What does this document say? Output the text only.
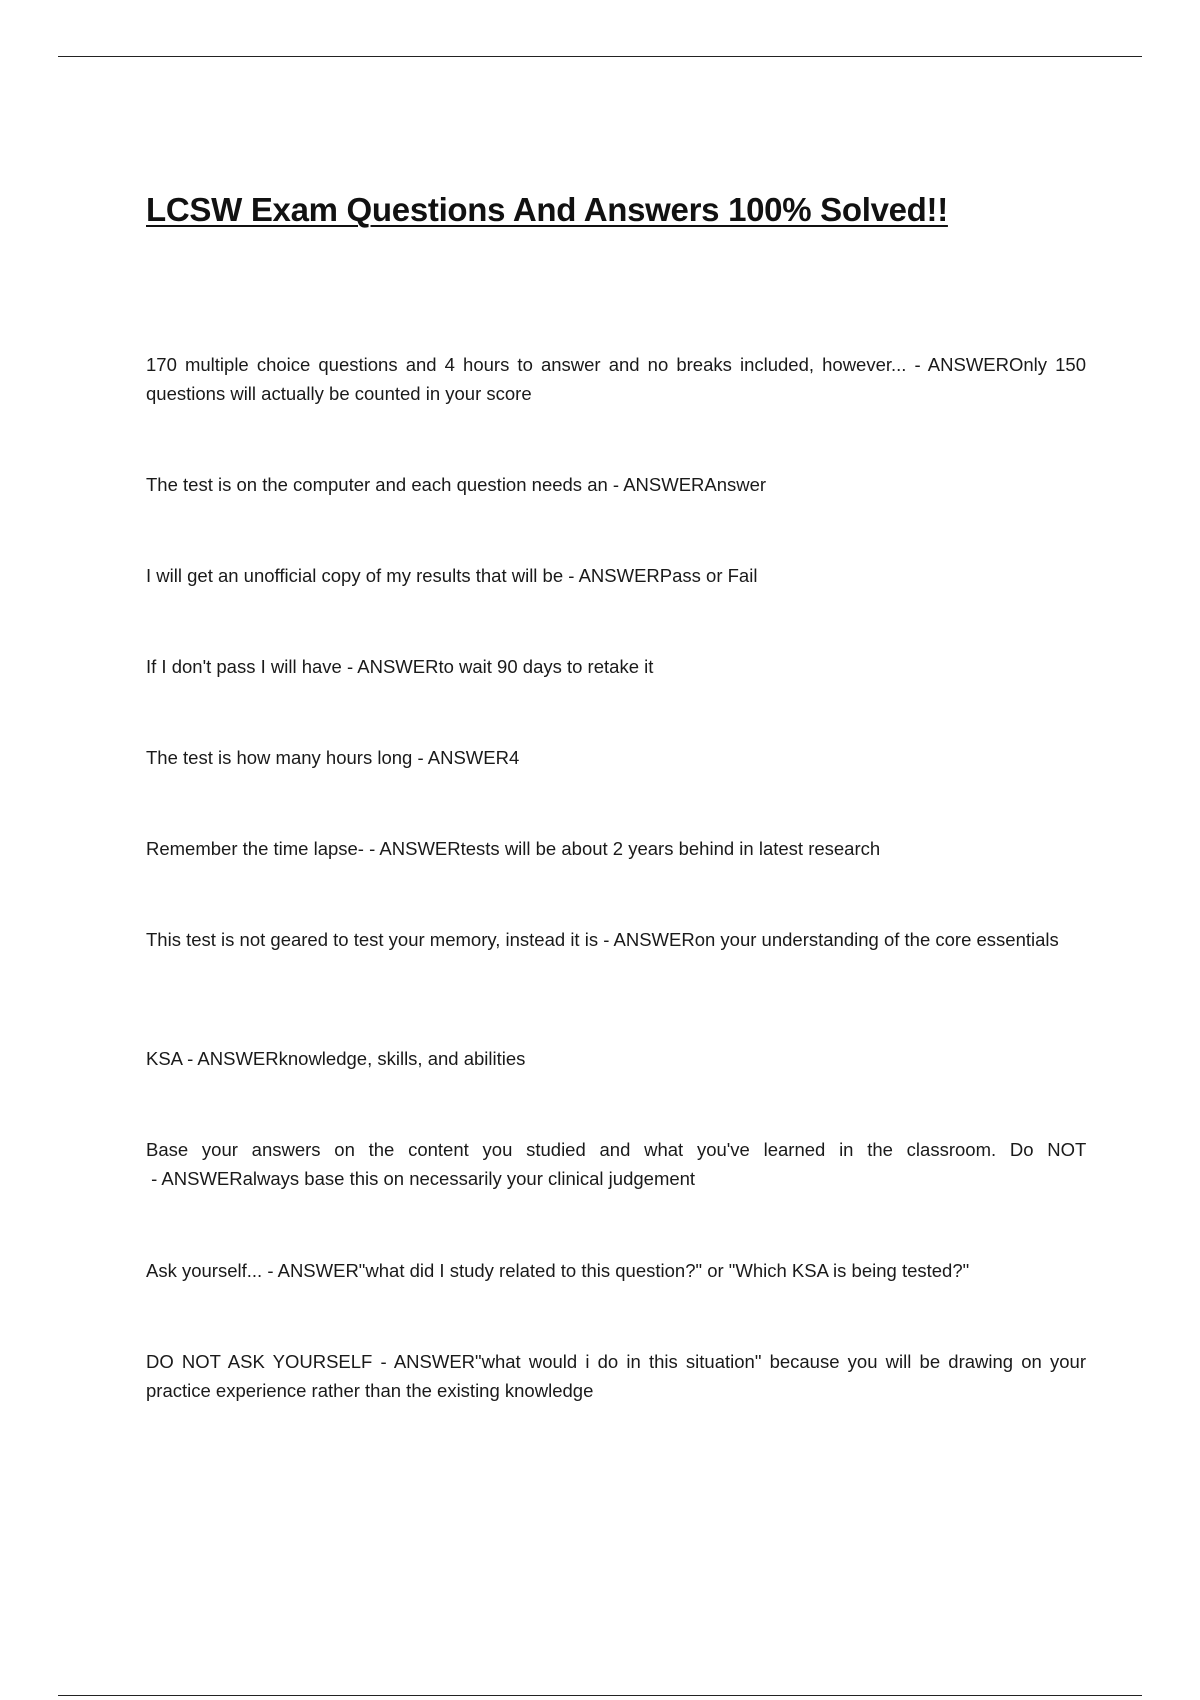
LCSW Exam Questions And Answers 100% Solved!!
170 multiple choice questions and 4 hours to answer and no breaks included, however... - ANSWEROnly 150 questions will actually be counted in your score
The test is on the computer and each question needs an - ANSWERAnswer
I will get an unofficial copy of my results that will be - ANSWERPass or Fail
If I don't pass I will have - ANSWERto wait 90 days to retake it
The test is how many hours long - ANSWER4
Remember the time lapse- - ANSWERtests will be about 2 years behind in latest research
This test is not geared to test your memory, instead it is - ANSWERon your understanding of the core essentials
KSA - ANSWERknowledge, skills, and abilities
Base your answers on the content you studied and what you've learned in the classroom. Do NOT - ANSWERalways base this on necessarily your clinical judgement
Ask yourself... - ANSWER"what did I study related to this question?" or "Which KSA is being tested?"
DO NOT ASK YOURSELF - ANSWER"what would i do in this situation" because you will be drawing on your practice experience rather than the existing knowledge
